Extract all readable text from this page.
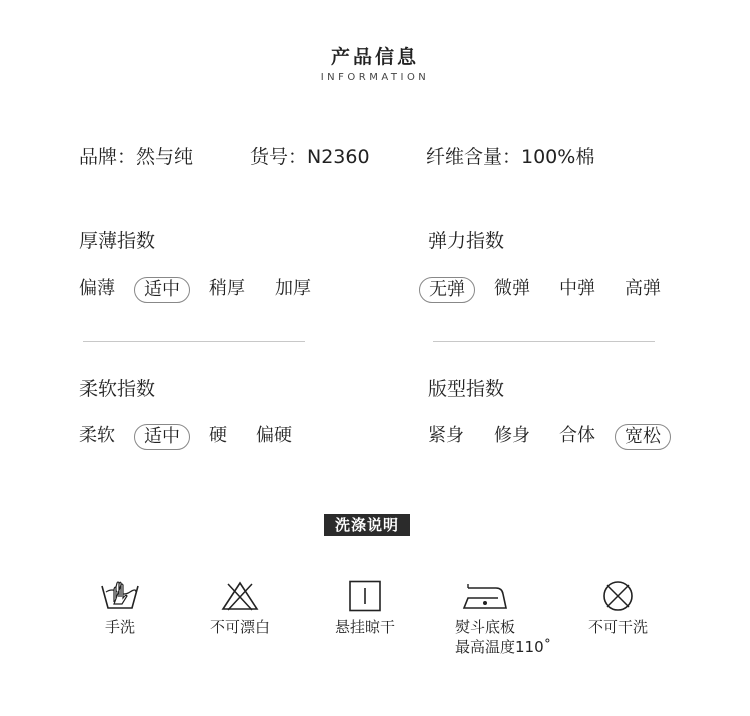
产品信息
INFORMATION
品牌：然与纯	货号：N2360	纤维含量：100%棉
厚薄指数
偏薄	适中	稍厚 加厚
弹力指数
无弹	微弹 中弹 高弹
柔软指数
柔软	适中	硬 偏硬
版型指数
紧身 修身 合体	宽松
洗涤说明
手洗	不可漂白	悬挂晾干	熨斗底板
最高温度110˚
不可干洗
